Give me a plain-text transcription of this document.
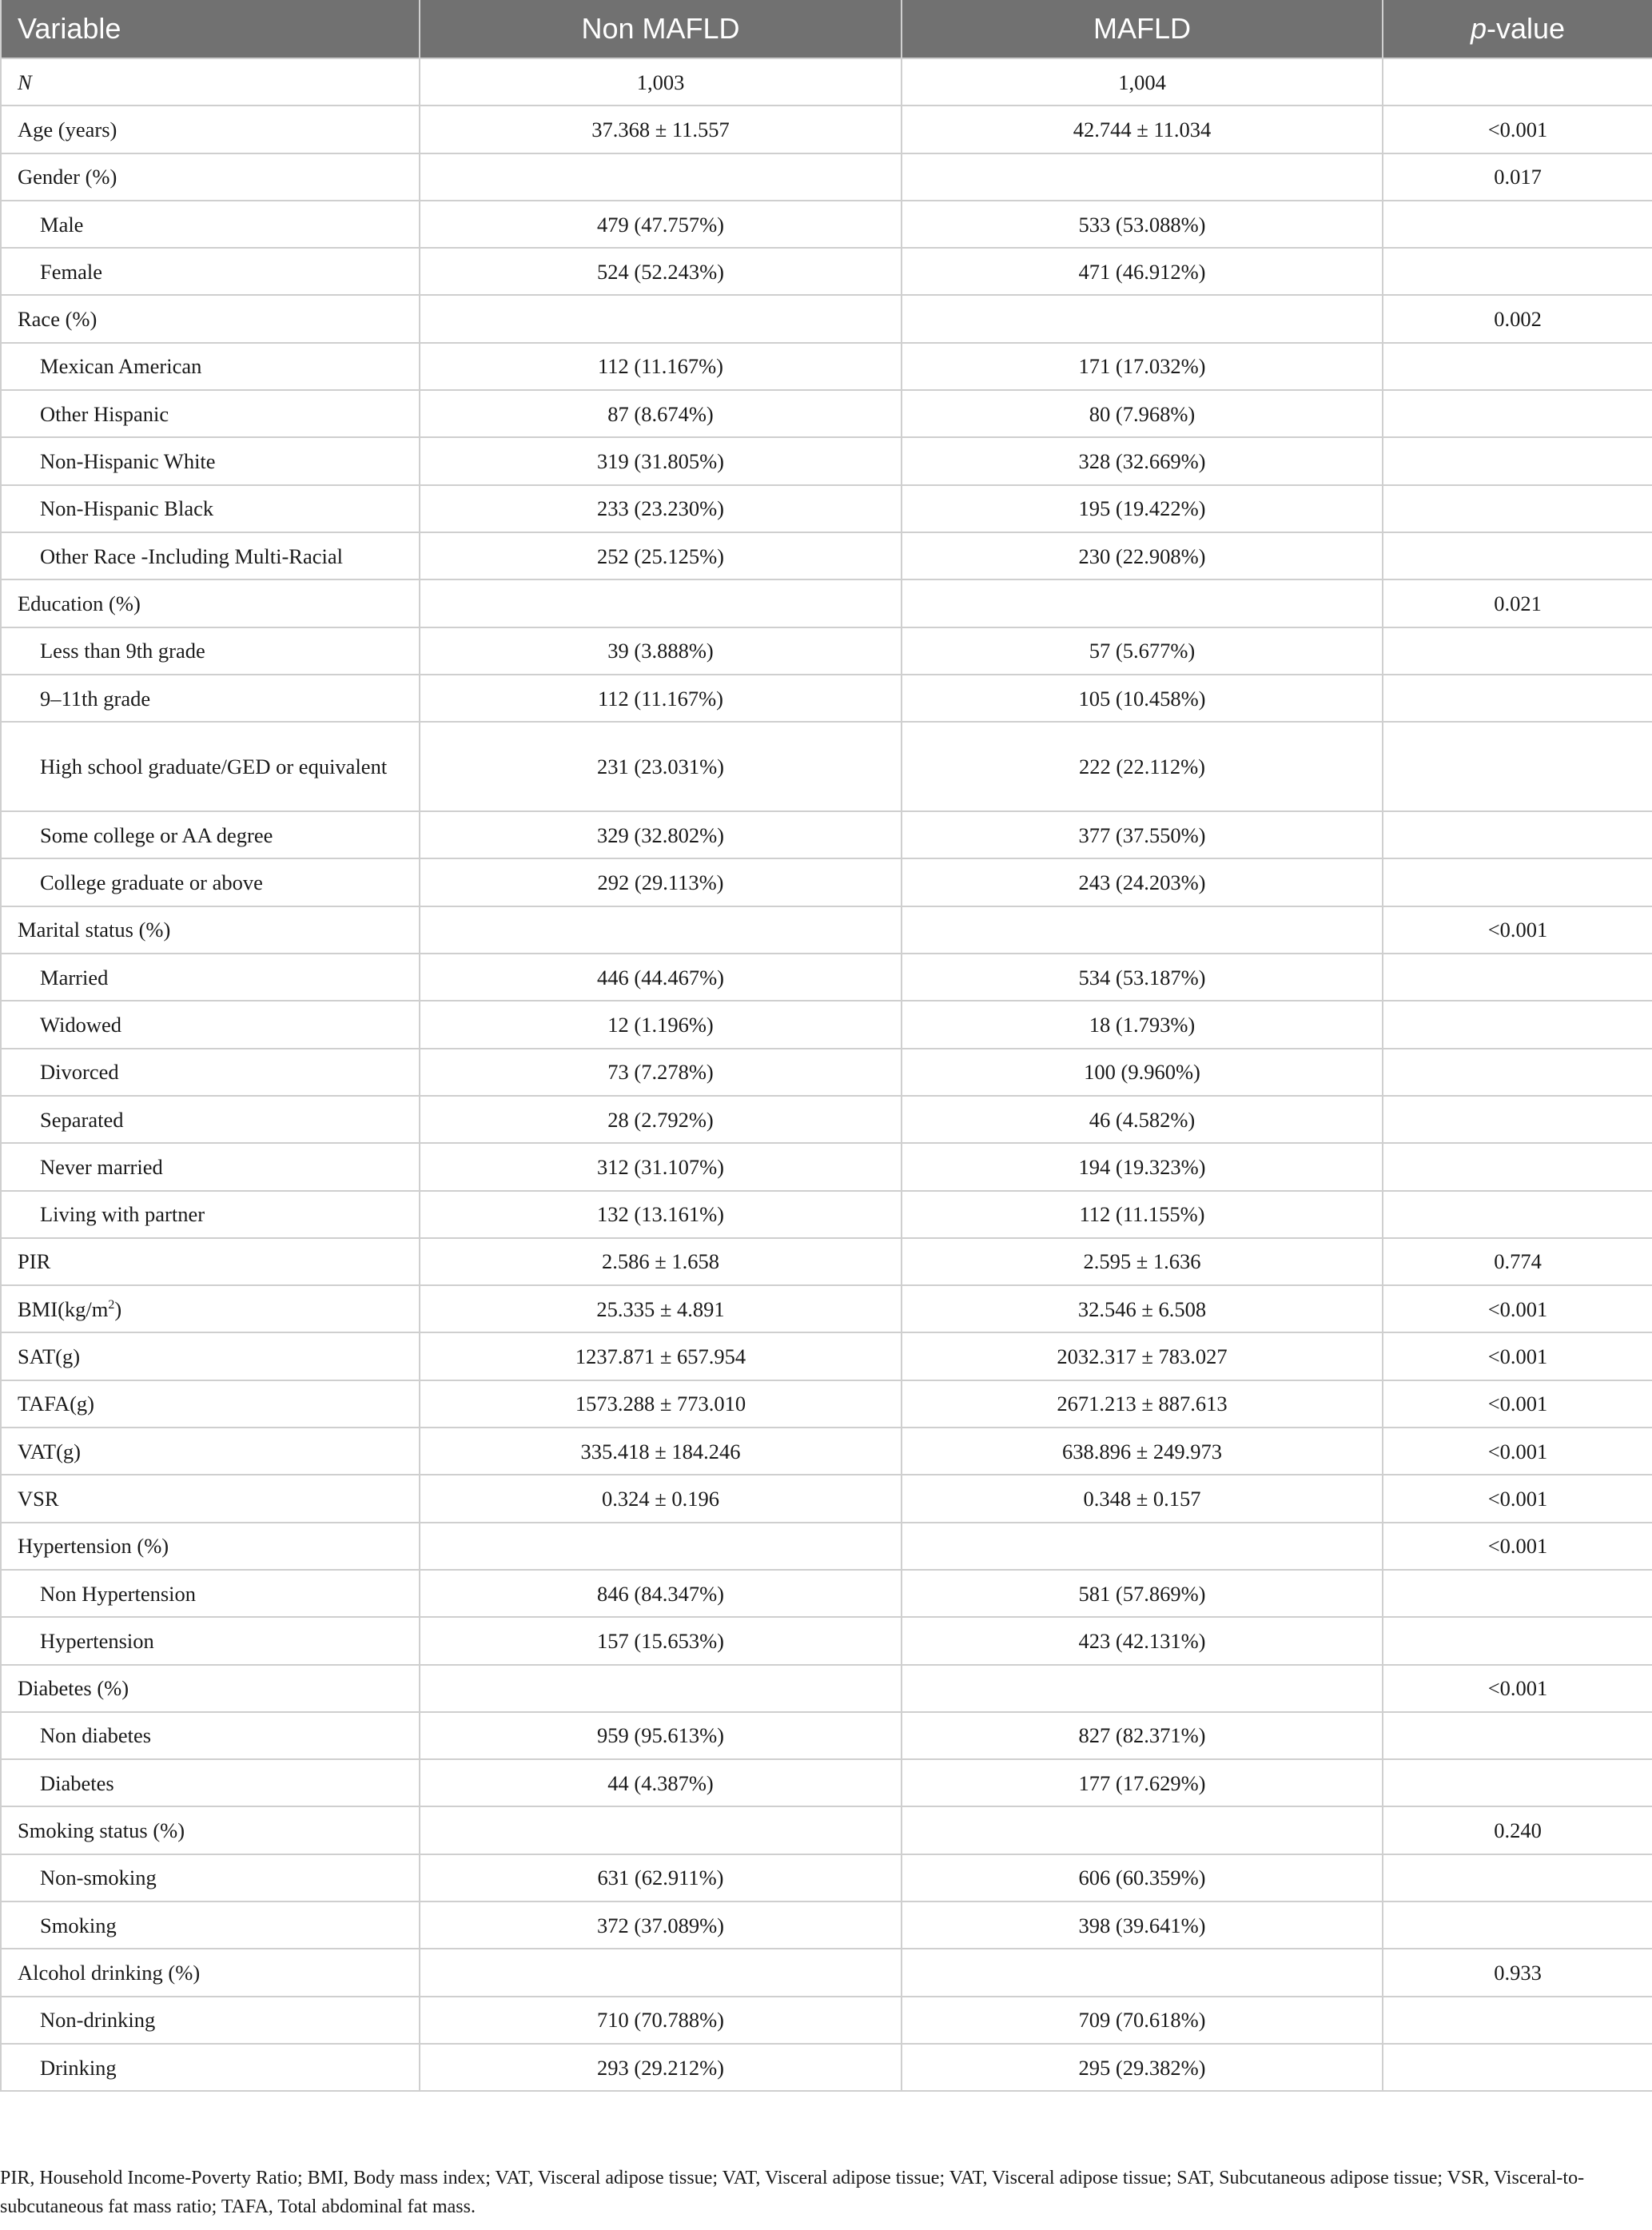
Variable	Non MAFLD	MAFLD	p-value
N	1,003	1,004	
Age (years)	37.368 ± 11.557	42.744 ± 11.034	<0.001
Gender (%)			0.017
Male	479 (47.757%)	533 (53.088%)	
Female	524 (52.243%)	471 (46.912%)	
Race (%)			0.002
Mexican American	112 (11.167%)	171 (17.032%)	
Other Hispanic	87 (8.674%)	80 (7.968%)	
Non-Hispanic White	319 (31.805%)	328 (32.669%)	
Non-Hispanic Black	233 (23.230%)	195 (19.422%)	
Other Race -Including Multi-Racial	252 (25.125%)	230 (22.908%)	
Education (%)			0.021
Less than 9th grade	39 (3.888%)	57 (5.677%)	
9–11th grade	112 (11.167%)	105 (10.458%)	
High school graduate/GED or equivalent	231 (23.031%)	222 (22.112%)	
Some college or AA degree	329 (32.802%)	377 (37.550%)	
College graduate or above	292 (29.113%)	243 (24.203%)	
Marital status (%)			<0.001
Married	446 (44.467%)	534 (53.187%)	
Widowed	12 (1.196%)	18 (1.793%)	
Divorced	73 (7.278%)	100 (9.960%)	
Separated	28 (2.792%)	46 (4.582%)	
Never married	312 (31.107%)	194 (19.323%)	
Living with partner	132 (13.161%)	112 (11.155%)	
PIR	2.586 ± 1.658	2.595 ± 1.636	0.774
$BMI(kg/m^2)$	25.335 ± 4.891	32.546 ± 6.508	<0.001
SAT(g)	1237.871 ± 657.954	2032.317 ± 783.027	<0.001
TAFA(g)	1573.288 ± 773.010	2671.213 ± 887.613	<0.001
VAT(g)	335.418 ± 184.246	638.896 ± 249.973	<0.001
VSR	0.324 ± 0.196	0.348 ± 0.157	<0.001
Hypertension (%)			<0.001
Non Hypertension	846 (84.347%)	581 (57.869%)	
Hypertension	157 (15.653%)	423 (42.131%)	
Diabetes (%)			<0.001
Non diabetes	959 (95.613%)	827 (82.371%)	
Diabetes	44 (4.387%)	177 (17.629%)	
Smoking status (%)			0.240
Non-smoking	631 (62.911%)	606 (60.359%)	
Smoking	372 (37.089%)	398 (39.641%)	
Alcohol drinking (%)			0.933
Non-drinking	710 (70.788%)	709 (70.618%)	
Drinking	293 (29.212%)	295 (29.382%)	
PIR, Household Income-Poverty Ratio; BMI, Body mass index; VAT, Visceral adipose tissue; VAT, Visceral adipose tissue; VAT, Visceral adipose tissue; SAT, Subcutaneous adipose tissue; VSR, Visceral-to-subcutaneous fat mass ratio; TAFA, Total abdominal fat mass.
